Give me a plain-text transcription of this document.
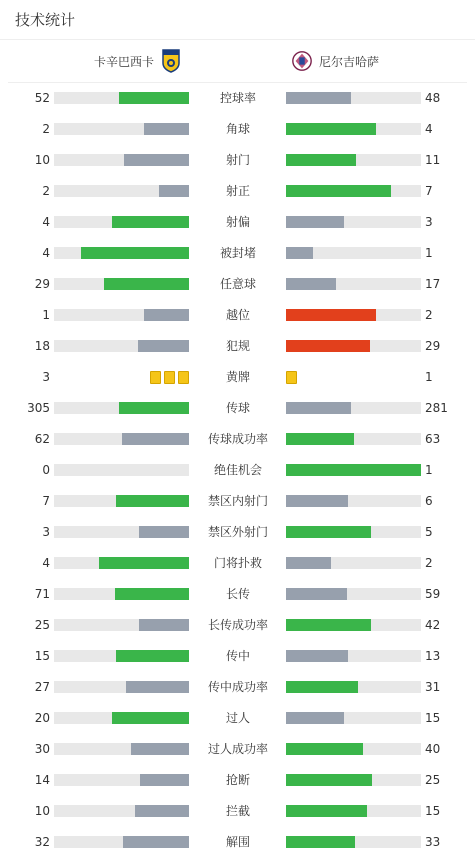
技术统计
卡辛巴西卡	尼尔吉哈萨
52	控球率	48
2	角球	4
10	射门	11
2	射正	7
4	射偏	3
4	被封堵	1
29	任意球	17
1	越位	2
18	犯规	29
3	黄牌	1
305	传球	281
62	传球成功率	63
0	绝佳机会	1
7	禁区内射门	6
3	禁区外射门	5
4	门将扑救	2
71	长传	59
25	长传成功率	42
15	传中	13
27	传中成功率	31
20	过人	15
30	过人成功率	40
14	抢断	25
10	拦截	15
32	解围	33
